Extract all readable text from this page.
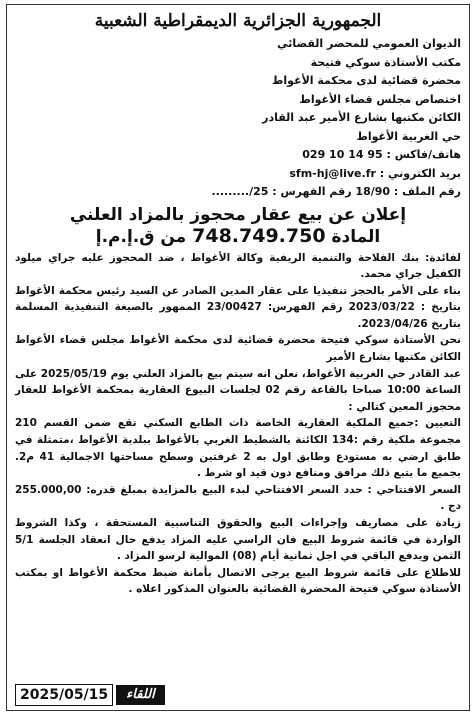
الجمهورية الجزائرية الديمقراطية الشعبية
الديوان العمومي للمحضر القضائي
مكتب الأستاذة سوكي فتيحة
محضرة قضائية لدى محكمة الأغواط
اختصاص مجلس قضاء الأغواط
الكائن مكتبها بشارع الأمير عبد القادر
حي الغربية الأغواط
هاتف/فاكس : 029 10 14 95
بريد الكتروني : sfm-hj@live.fr
رقم الملف : 18/90 رقم الفهرس : ........./25
إعلان عن بيع عقار محجوز بالمزاد العلني
المادة 748.749.750 من ق.إ.م.إ

لفائدة: بنك الفلاحة والتنمية الريفية وكالة الأغواط ، ضد المحجوز عليه جراي ميلود الكفيل جراي محمد.

بناء على الأمر بالحجز تنفيذيا على عقار المدين الصادر عن السيد رئيس محكمة الأغواط بتاريخ : 2023/03/22 رقم الفهرس: 23/00427 الممهور بالصيغة التنفيذية المسلمة بتاريخ 2023/04/26.

نحن الأستاذة سوكي فتيحة محضرة قضائية لدى محكمة الأغواط مجلس قضاء الأغواط الكائن مكتبها بشارع الأمير

عبد القادر حي الغربية الأغواط، نعلن انه سيتم بيع بالمزاد العلني يوم 2025/05/19 على الساعة 10:00 صباحا بالقاعة رقم 02 لجلسات البيوع العقارية بمحكمة الأغواط للعقار محجوز المعين كتالي :

التعيين :جميع الملكية العقارية الخاصة ذات الطابع السكني تقع ضمن القسم 210 مجموعة ملكية رقم :134 الكائنة بالشطيط الغربي بالأغواط ببلدية الأغواط ،متمثلة في طابق ارضي به مستودع وطابق اول به 2 غرفتين وسطح مساحتها الاجمالية 41 م2. بجميع ما يتبع ذلك مرافق ومنافع دون قيد او شرط .

السعر الافتتاحي : حدد السعر الافتتاحي لبدء البيع بالمزايدة بمبلغ قدره: 255.000,00 دج .

زيادة على مصاريف وإجراءات البيع والحقوق التناسبية المستحقة ، وكذا الشروط الواردة في قائمة شروط البيع فان الراسي عليه المزاد يدفع حال انعقاد الجلسة 5/1 الثمن ويدفع الباقي في اجل ثمانية أيام (08) الموالية لرسو المزاد .

للاطلاع على قائمة شروط البيع يرجى الاتصال بأمانة ضبط محكمة الأغواط او بمكتب الأستاذة سوكي فتيحة المحضرة القضائية بالعنوان المذكور اعلاه .

2025/05/15	اللقاء
